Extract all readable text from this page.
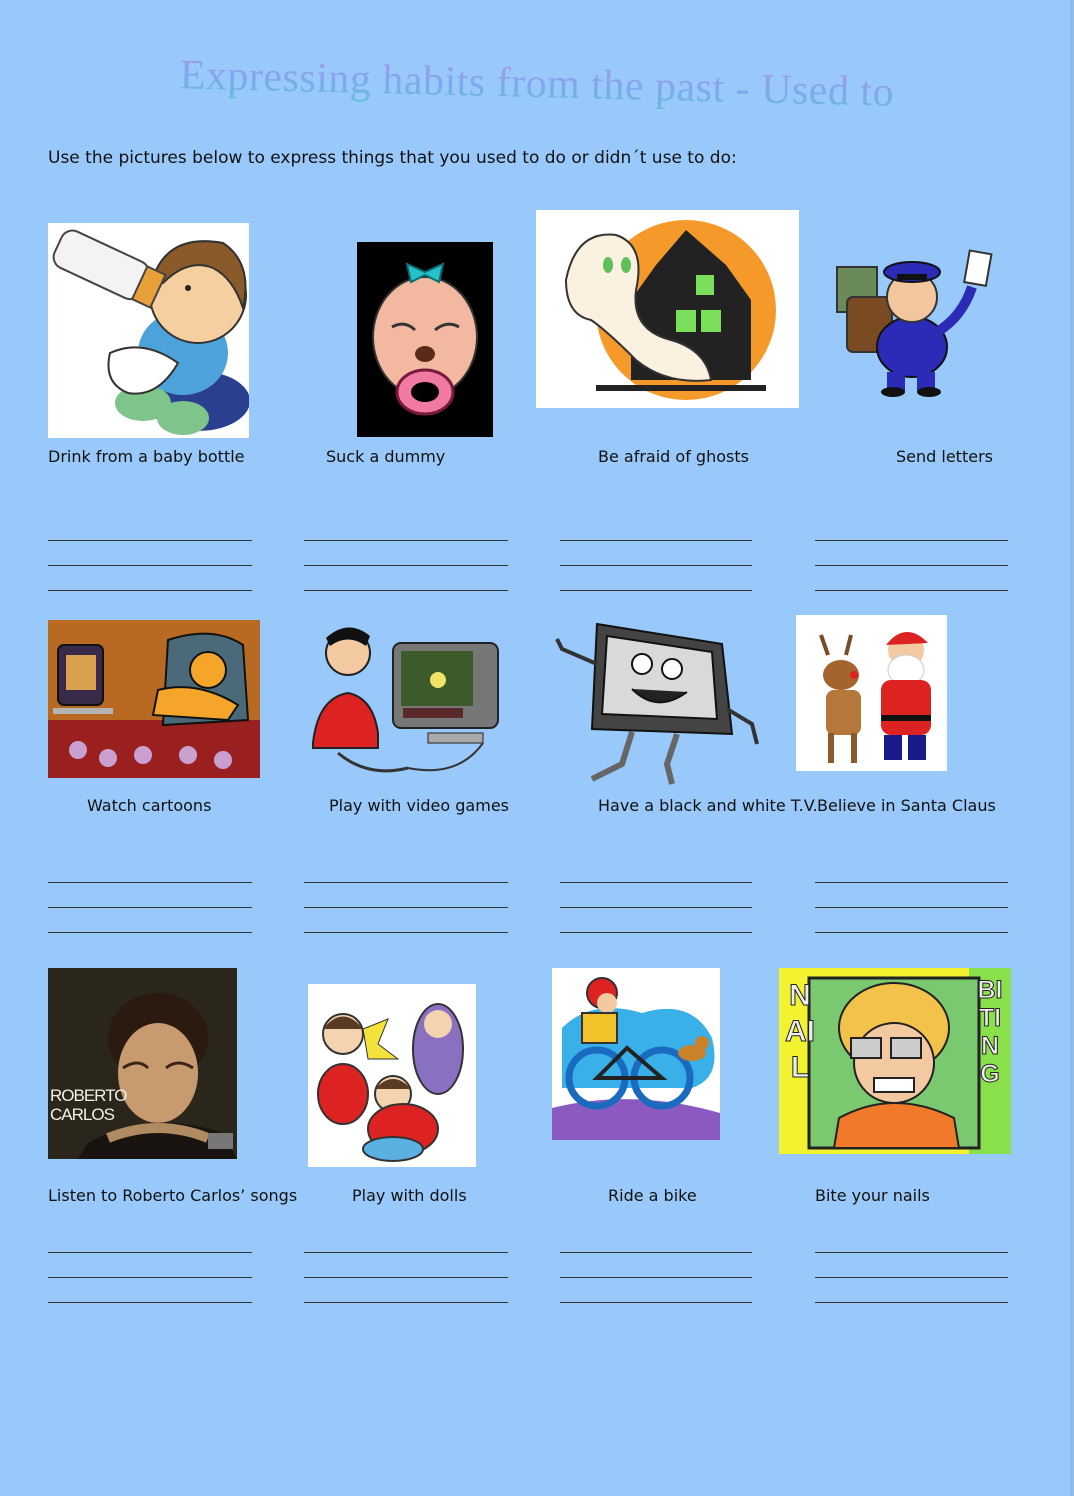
Expressing habits from the past - Used to
Use the pictures below to express things that you used to do or didn´t use to do:
Drink from a baby bottle	Suck a dummy	Be afraid of ghosts	Send letters
Watch cartoons	Play with video games	Have a black and white T.V. Believe in Santa Claus
ROBERTO CARLOS
NAIL
BITING
Listen to Roberto Carlos’ songs	Play with dolls	Ride a bike	Bite your nails
